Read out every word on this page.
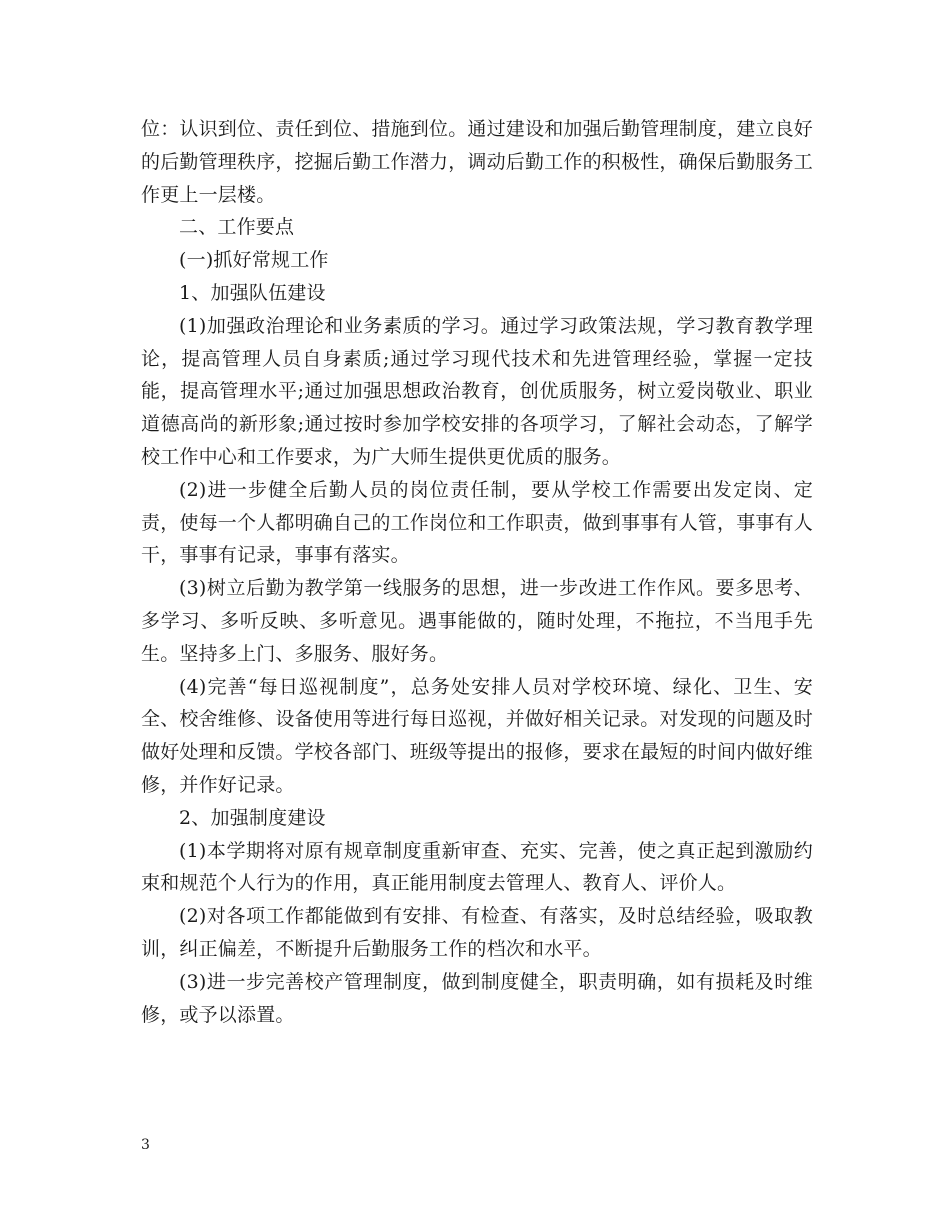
位：认识到位、责任到位、措施到位。通过建设和加强后勤管理制度，建立良好的后勤管理秩序，挖掘后勤工作潜力，调动后勤工作的积极性，确保后勤服务工作更上一层楼。

二、工作要点

(一)抓好常规工作

1、加强队伍建设

(1)加强政治理论和业务素质的学习。通过学习政策法规，学习教育教学理论，提高管理人员自身素质;通过学习现代技术和先进管理经验，掌握一定技能，提高管理水平;通过加强思想政治教育，创优质服务，树立爱岗敬业、职业道德高尚的新形象;通过按时参加学校安排的各项学习，了解社会动态，了解学校工作中心和工作要求，为广大师生提供更优质的服务。

(2)进一步健全后勤人员的岗位责任制，要从学校工作需要出发定岗、定责，使每一个人都明确自己的工作岗位和工作职责，做到事事有人管，事事有人干，事事有记录，事事有落实。

(3)树立后勤为教学第一线服务的思想，进一步改进工作作风。要多思考、多学习、多听反映、多听意见。遇事能做的，随时处理，不拖拉，不当甩手先生。坚持多上门、多服务、服好务。

(4)完善“每日巡视制度”，总务处安排人员对学校环境、绿化、卫生、安全、校舍维修、设备使用等进行每日巡视，并做好相关记录。对发现的问题及时做好处理和反馈。学校各部门、班级等提出的报修，要求在最短的时间内做好维修，并作好记录。

2、加强制度建设

(1)本学期将对原有规章制度重新审查、充实、完善，使之真正起到激励约束和规范个人行为的作用，真正能用制度去管理人、教育人、评价人。

(2)对各项工作都能做到有安排、有检查、有落实，及时总结经验，吸取教训，纠正偏差，不断提升后勤服务工作的档次和水平。

(3)进一步完善校产管理制度，做到制度健全，职责明确，如有损耗及时维修，或予以添置。

3
